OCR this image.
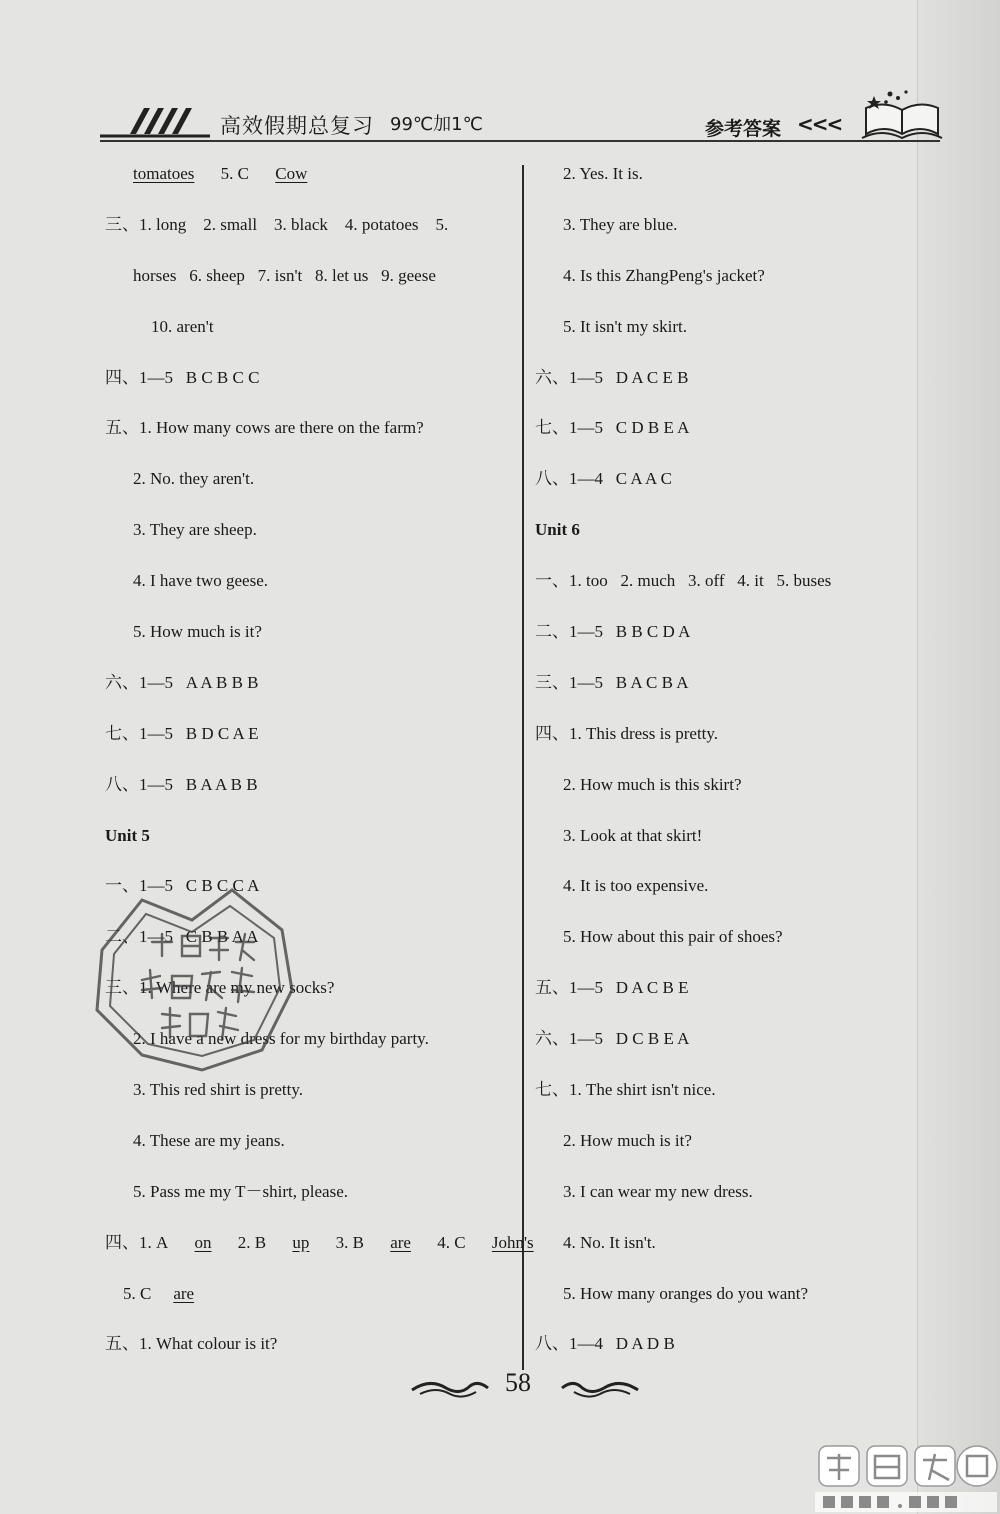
高效假期总复习 99℃加1℃	参考答案 <<<
tomatoes 5. C Cow
三、1. long    2. small    3. black    4. potatoes    5.
horses   6. sheep   7. isn't   8. let us   9. geese
10. aren't
四、1—5   B C B C C
五、1. How many cows are there on the farm?
2. No. they aren't.
3. They are sheep.
4. I have two geese.
5. How much is it?
六、1—5   A A B B B
七、1—5   B D C A E
八、1—5   B A A B B
Unit 5
一、1—5   C B C C A
二、1—5   C B B A A
三、1. Where are my new socks?
2. I have a new dress for my birthday party.
3. This red shirt is pretty.
4. These are my jeans.
5. Pass me my T－shirt, please.
四、1. A on 2. B up 3. B are 4. C John's
5. C are
五、1. What colour is it?
2. Yes. It is.
3. They are blue.
4. Is this ZhangPeng's jacket?
5. It isn't my skirt.
六、1—5   D A C E B
七、1—5   C D B E A
八、1—4   C A A C
Unit 6
一、1. too   2. much   3. off   4. it   5. buses
二、1—5   B B C D A
三、1—5   B A C B A
四、1. This dress is pretty.
2. How much is this skirt?
3. Look at that skirt!
4. It is too expensive.
5. How about this pair of shoes?
五、1—5   D A C B E
六、1—5   D C B E A
七、1. The shirt isn't nice.
2. How much is it?
3. I can wear my new dress.
4. No. It isn't.
5. How many oranges do you want?
八、1—4   D A D B
58
